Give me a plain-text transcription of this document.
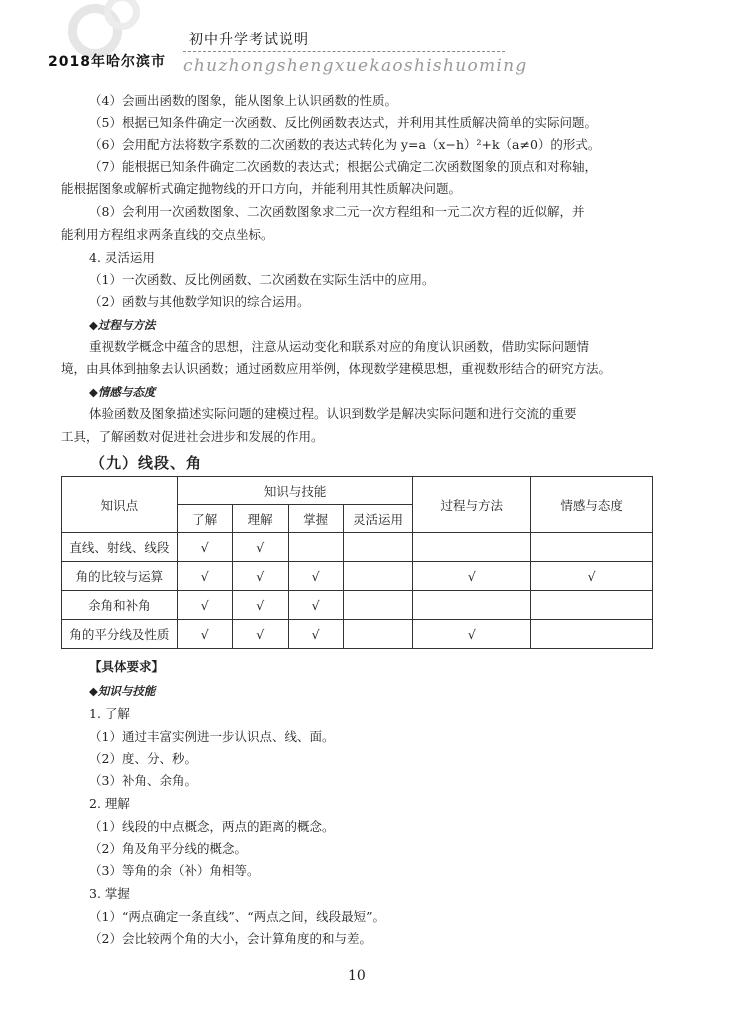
2018年哈尔滨市
初中升学考试说明
chuzhongshengxuekaoshishuoming
（4）会画出函数的图象，能从图象上认识函数的性质。
（5）根据已知条件确定一次函数、反比例函数表达式，并利用其性质解决简单的实际问题。
（6）会用配方法将数字系数的二次函数的表达式转化为 y=a（x−h）²+k（a≠0）的形式。
（7）能根据已知条件确定二次函数的表达式；根据公式确定二次函数图象的顶点和对称轴，
能根据图象或解析式确定抛物线的开口方向，并能利用其性质解决问题。
（8）会利用一次函数图象、二次函数图象求二元一次方程组和一元二次方程的近似解，并
能利用方程组求两条直线的交点坐标。
4. 灵活运用
（1）一次函数、反比例函数、二次函数在实际生活中的应用。
（2）函数与其他数学知识的综合运用。
◆过程与方法
重视数学概念中蕴含的思想，注意从运动变化和联系对应的角度认识函数，借助实际问题情
境，由具体到抽象去认识函数；通过函数应用举例，体现数学建模思想，重视数形结合的研究方法。
◆情感与态度
体验函数及图象描述实际问题的建模过程。认识到数学是解决实际问题和进行交流的重要
工具，了解函数对促进社会进步和发展的作用。
（九）线段、角
知识点	知识与技能				过程与方法	情感与态度
	了解	理解	掌握	灵活运用		
直线、射线、线段	√	√				
角的比较与运算	√	√	√		√	√
余角和补角	√	√	√			
角的平分线及性质	√	√	√		√	
【具体要求】
◆知识与技能
1. 了解
（1）通过丰富实例进一步认识点、线、面。
（2）度、分、秒。
（3）补角、余角。
2. 理解
（1）线段的中点概念，两点的距离的概念。
（2）角及角平分线的概念。
（3）等角的余（补）角相等。
3. 掌握
（1）“两点确定一条直线”、“两点之间，线段最短”。
（2）会比较两个角的大小，会计算角度的和与差。
10
